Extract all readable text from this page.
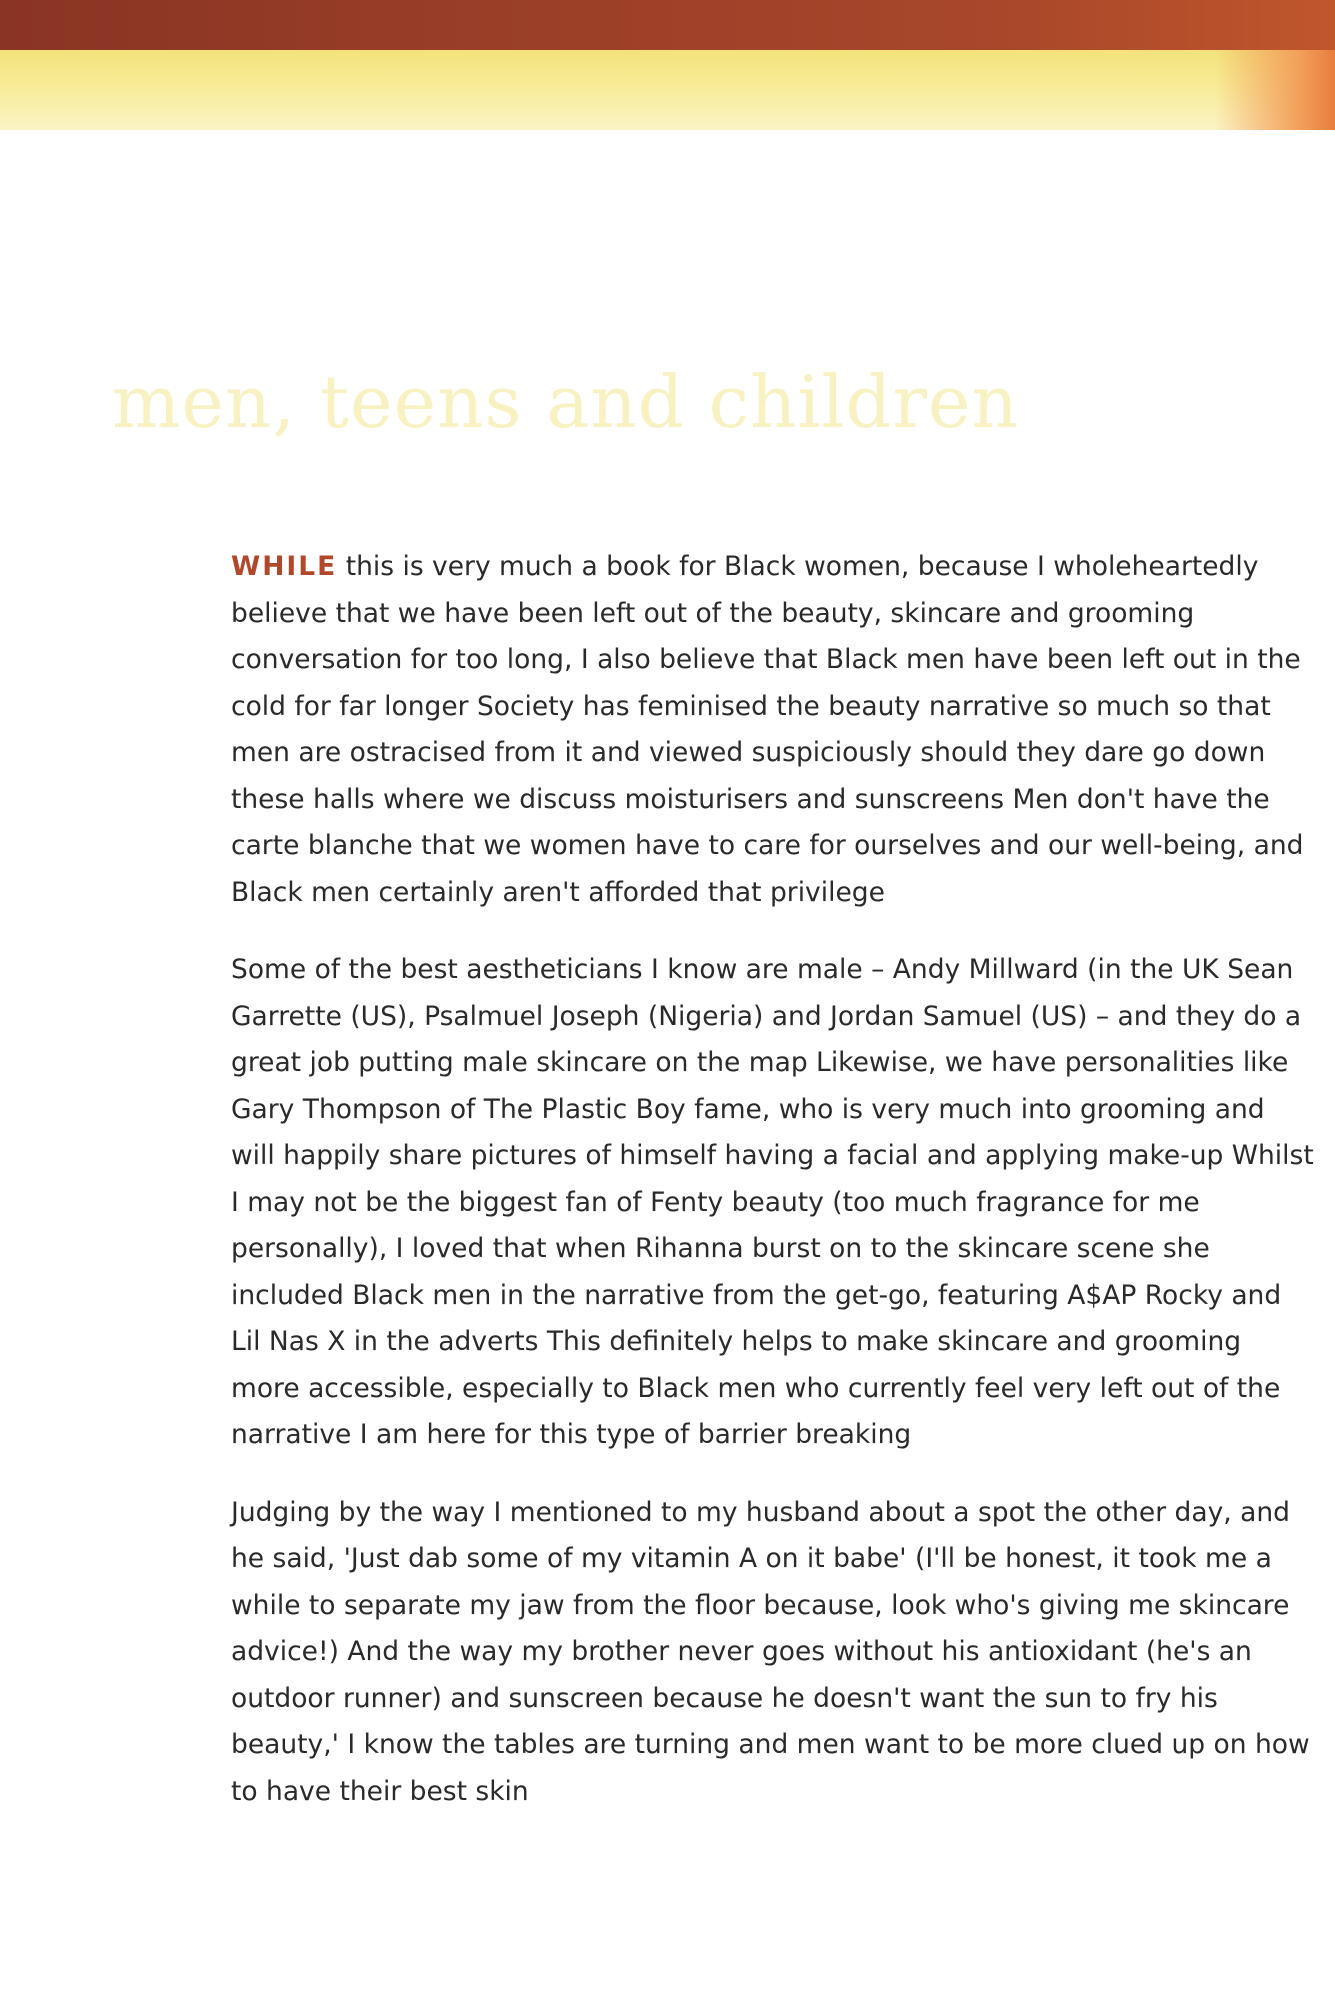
men, teens and children

WHILE this is very much a book for Black women, because I wholeheartedly believe that we have been left out of the beauty, skincare and grooming conversation for too long, I also believe that Black men have been left out in the cold for far longer Society has feminised the beauty narrative so much so that men are ostracised from it and viewed suspiciously should they dare go down these halls where we discuss moisturisers and sunscreens Men don't have the carte blanche that we women have to care for ourselves and our well-being, and Black men certainly aren't afforded that privilege

Some of the best aestheticians I know are male – Andy Millward (in the UK Sean Garrette (US), Psalmuel Joseph (Nigeria) and Jordan Samuel (US) – and they do a great job putting male skincare on the map Likewise, we have personalities like Gary Thompson of The Plastic Boy fame, who is very much into grooming and will happily share pictures of himself having a facial and applying make-up Whilst I may not be the biggest fan of Fenty beauty (too much fragrance for me personally), I loved that when Rihanna burst on to the skincare scene she included Black men in the narrative from the get-go, featuring A$AP Rocky and Lil Nas X in the adverts This definitely helps to make skincare and grooming more accessible, especially to Black men who currently feel very left out of the narrative I am here for this type of barrier breaking

Judging by the way I mentioned to my husband about a spot the other day, and he said, 'Just dab some of my vitamin A on it babe' (I'll be honest, it took me a while to separate my jaw from the floor because, look who's giving me skincare advice!) And the way my brother never goes without his antioxidant (he's an outdoor runner) and sunscreen because he doesn't want the sun to fry his beauty,' I know the tables are turning and men want to be more clued up on how to have their best skin
